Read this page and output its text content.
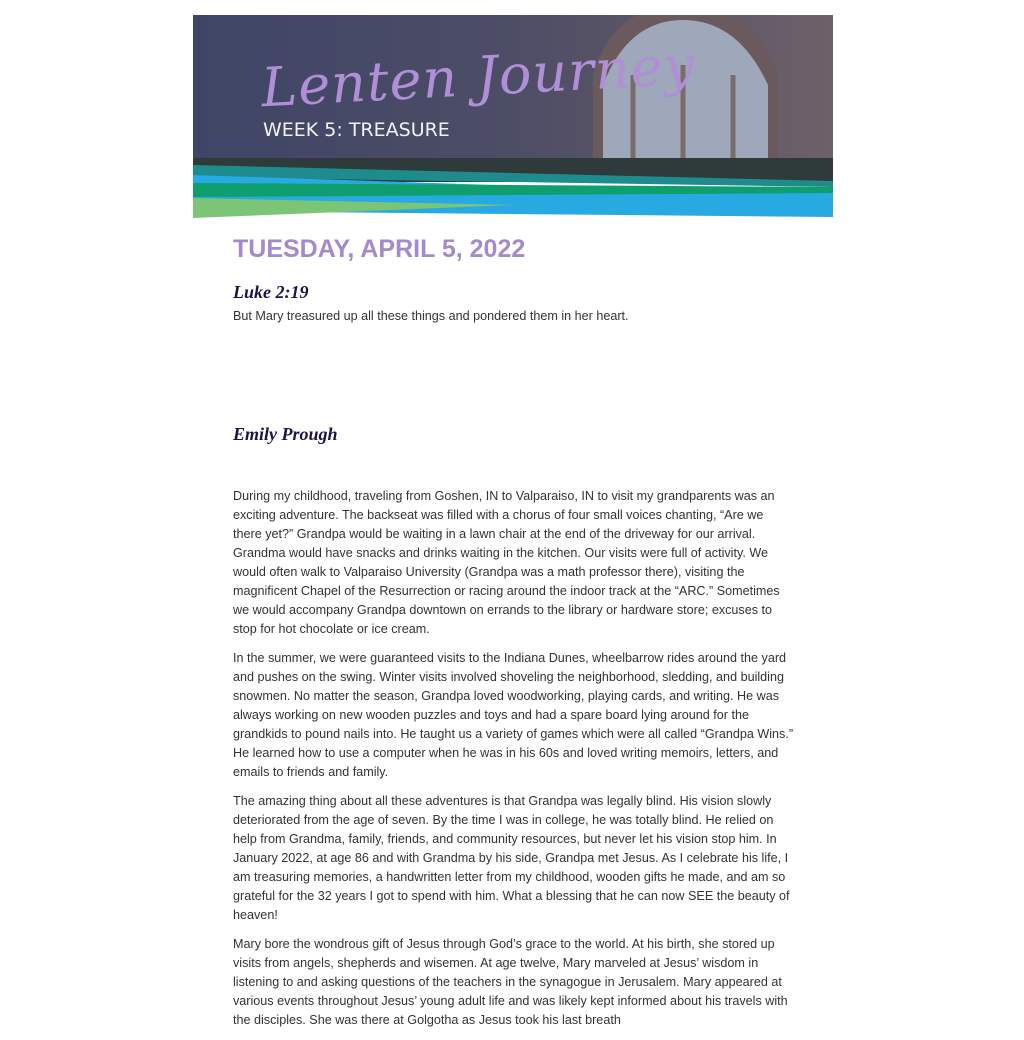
Lenten Journey
WEEK 5: TREASURE
TUESDAY, APRIL 5, 2022
Luke 2:19

But Mary treasured up all these things and pondered them in her heart.

Emily Prough

During my childhood, traveling from Goshen, IN to Valparaiso, IN to visit my grandparents was an exciting adventure. The backseat was filled with a chorus of four small voices chanting, “Are we there yet?” Grandpa would be waiting in a lawn chair at the end of the driveway for our arrival. Grandma would have snacks and drinks waiting in the kitchen. Our visits were full of activity. We would often walk to Valparaiso University (Grandpa was a math professor there), visiting the magnificent Chapel of the Resurrection or racing around the indoor track at the “ARC.” Sometimes we would accompany Grandpa downtown on errands to the library or hardware store; excuses to stop for hot chocolate or ice cream.

In the summer, we were guaranteed visits to the Indiana Dunes, wheelbarrow rides around the yard and pushes on the swing. Winter visits involved shoveling the neighborhood, sledding, and building snowmen. No matter the season, Grandpa loved woodworking, playing cards, and writing. He was always working on new wooden puzzles and toys and had a spare board lying around for the grandkids to pound nails into. He taught us a variety of games which were all called “Grandpa Wins.” He learned how to use a computer when he was in his 60s and loved writing memoirs, letters, and emails to friends and family.

The amazing thing about all these adventures is that Grandpa was legally blind. His vision slowly deteriorated from the age of seven. By the time I was in college, he was totally blind. He relied on help from Grandma, family, friends, and community resources, but never let his vision stop him. In January 2022, at age 86 and with Grandma by his side, Grandpa met Jesus. As I celebrate his life, I am treasuring memories, a handwritten letter from my childhood, wooden gifts he made, and am so grateful for the 32 years I got to spend with him. What a blessing that he can now SEE the beauty of heaven!

Mary bore the wondrous gift of Jesus through God’s grace to the world. At his birth, she stored up visits from angels, shepherds and wisemen. At age twelve, Mary marveled at Jesus’ wisdom in listening to and asking questions of the teachers in the synagogue in Jerusalem. Mary appeared at various events throughout Jesus’ young adult life and was likely kept informed about his travels with the disciples. She was there at Golgotha as Jesus took his last breath
